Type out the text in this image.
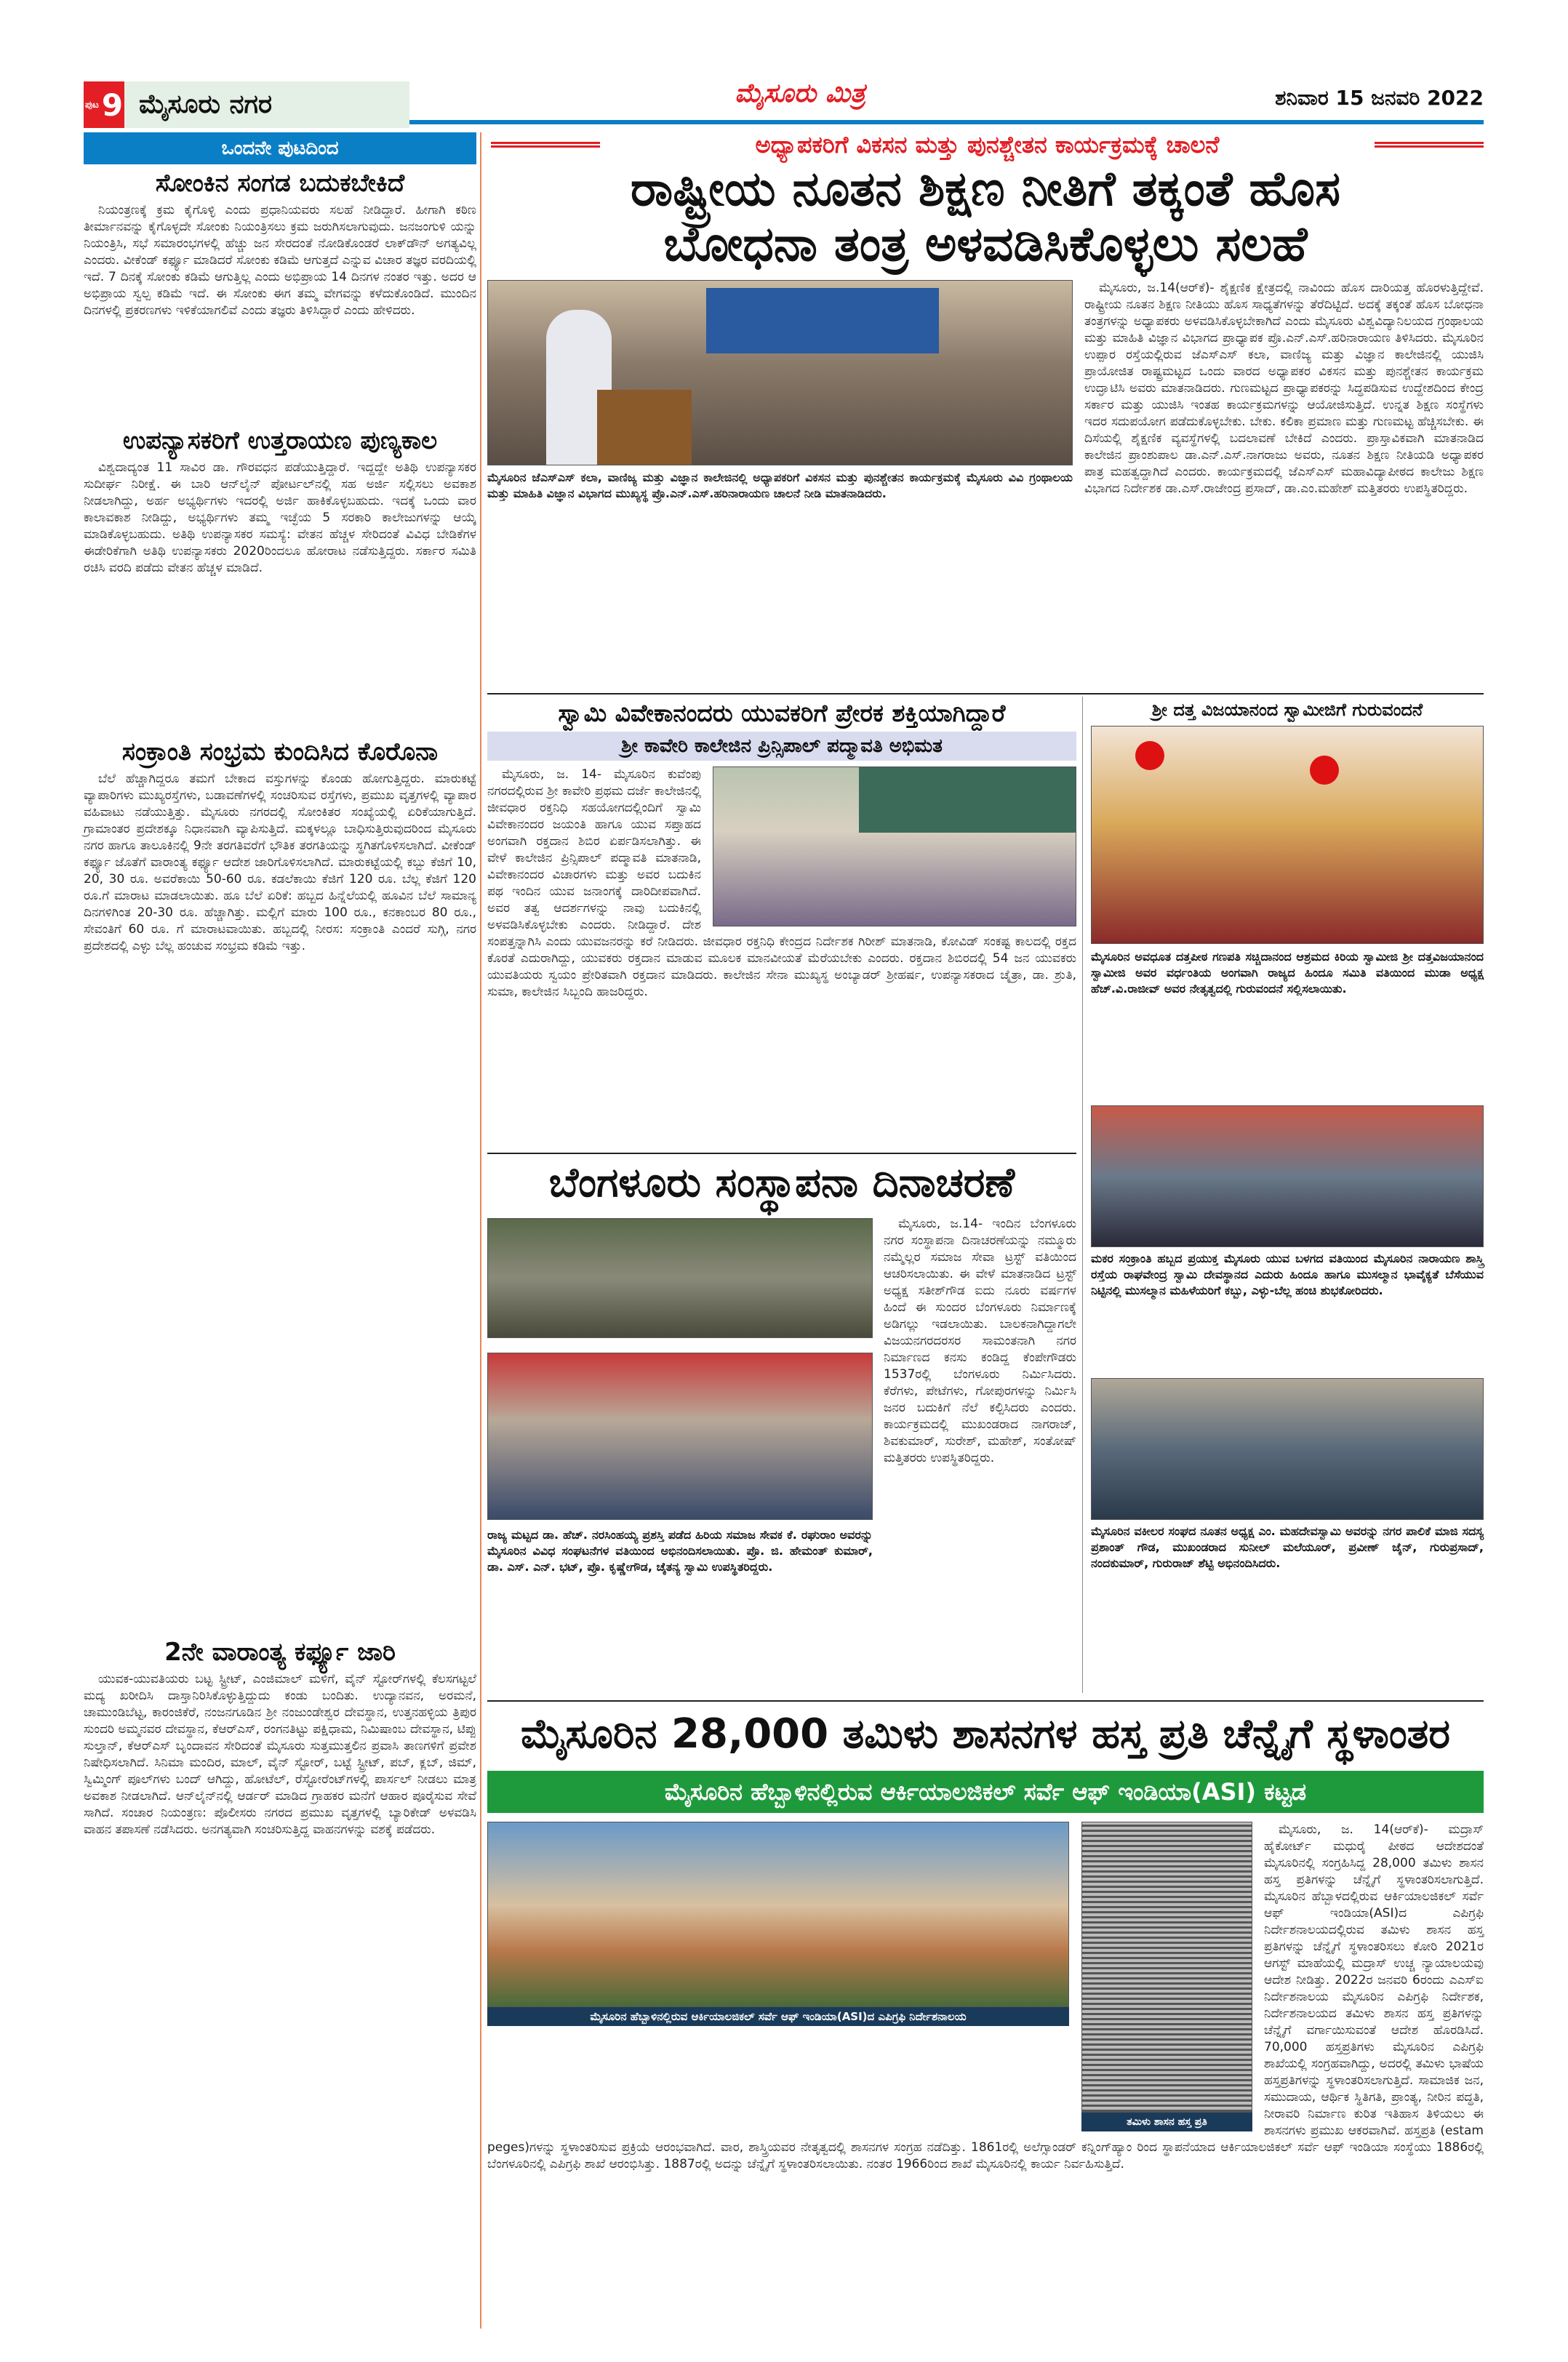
ಪುಟ 9 ಮೈಸೂರು ನಗರ	ಮೈಸೂರು ಮಿತ್ರ	ಶನಿವಾರ 15 ಜನವರಿ 2022
ಒಂದನೇ ಪುಟದಿಂದ
ಸೋಂಕಿನ ಸಂಗಡ ಬದುಕಬೇಕಿದೆ

ನಿಯಂತ್ರಣಕ್ಕೆ ಕ್ರಮ ಕೈಗೊಳ್ಳಿ ಎಂದು ಪ್ರಧಾನಿಯವರು ಸಲಹೆ ನೀಡಿದ್ದಾರೆ. ಹೀಗಾಗಿ ಕಠಿಣ ತೀರ್ಮಾನವನ್ನು ಕೈಗೊಳ್ಳದೇ ಸೋಂಕು ನಿಯಂತ್ರಿಸಲು ಕ್ರಮ ಜರುಗಿಸಲಾಗುವುದು. ಜನಜಂಗುಳಿ ಯನ್ನು ನಿಯಂತ್ರಿಸಿ, ಸಭೆ ಸಮಾರಂಭಗಳಲ್ಲಿ ಹೆಚ್ಚು ಜನ ಸೇರದಂತೆ ನೋಡಿಕೊಂಡರೆ ಲಾಕ್‌ಡೌನ್ ಅಗತ್ಯವಿಲ್ಲ ಎಂದರು. ವೀಕೆಂಡ್ ಕರ್ಫ್ಯೂ ಮಾಡಿದರೆ ಸೋಂಕು ಕಡಿಮೆ ಆಗುತ್ತದೆ ಎನ್ನುವ ವಿಚಾರ ತಜ್ಞರ ವರದಿಯಲ್ಲಿ ಇದೆ. 7 ದಿನಕ್ಕೆ ಸೋಂಕು ಕಡಿಮೆ ಆಗುತ್ತಿಲ್ಲ ಎಂದು ಅಭಿಪ್ರಾಯ 14 ದಿನಗಳ ನಂತರ ಇತ್ತು. ಅದರ ಆ ಅಭಿಪ್ರಾಯ ಸ್ವಲ್ಪ ಕಡಿಮೆ ಇದೆ. ಈ ಸೋಂಕು ಈಗ ತಮ್ಮ ವೇಗವನ್ನು ಕಳೆದುಕೊಂಡಿದೆ. ಮುಂದಿನ ದಿನಗಳಲ್ಲಿ ಪ್ರಕರಣಗಳು ಇಳಿಕೆಯಾಗಲಿವೆ ಎಂದು ತಜ್ಞರು ತಿಳಿಸಿದ್ದಾರೆ ಎಂದು ಹೇಳಿದರು.

ಉಪನ್ಯಾಸಕರಿಗೆ ಉತ್ತರಾಯಣ ಪುಣ್ಯಕಾಲ

ವಿಶ್ವದಾದ್ಯಂತ 11 ಸಾವಿರ ಡಾ. ಗೌರವಧನ ಪಡೆಯುತ್ತಿದ್ದಾರೆ. ಇದ್ದದ್ದೇ ಅತಿಥಿ ಉಪನ್ಯಾಸಕರ ಸುದೀರ್ಘ ನಿರೀಕ್ಷೆ. ಈ ಬಾರಿ ಆನ್‌ಲೈನ್ ಪೋರ್ಟಲ್‌ನಲ್ಲಿ ಸಹ ಅರ್ಜಿ ಸಲ್ಲಿಸಲು ಅವಕಾಶ ನೀಡಲಾಗಿದ್ದು, ಅರ್ಹ ಅಭ್ಯರ್ಥಿಗಳು ಇದರಲ್ಲಿ ಅರ್ಜಿ ಹಾಕಿಕೊಳ್ಳಬಹುದು. ಇದಕ್ಕೆ ಒಂದು ವಾರ ಕಾಲಾವಕಾಶ ನೀಡಿದ್ದು, ಅಭ್ಯರ್ಥಿಗಳು ತಮ್ಮ ಇಚ್ಛೆಯ 5 ಸರಕಾರಿ ಕಾಲೇಜುಗಳನ್ನು ಆಯ್ಕೆ ಮಾಡಿಕೊಳ್ಳಬಹುದು. ಅತಿಥಿ ಉಪನ್ಯಾಸಕರ ಸಮಸ್ಯೆ: ವೇತನ ಹೆಚ್ಚಳ ಸೇರಿದಂತೆ ವಿವಿಧ ಬೇಡಿಕೆಗಳ ಈಡೇರಿಕೆಗಾಗಿ ಅತಿಥಿ ಉಪನ್ಯಾಸಕರು 2020ರಿಂದಲೂ ಹೋರಾಟ ನಡೆಸುತ್ತಿದ್ದರು. ಸರ್ಕಾರ ಸಮಿತಿ ರಚಿಸಿ ವರದಿ ಪಡೆದು ವೇತನ ಹೆಚ್ಚಳ ಮಾಡಿದೆ.

ಸಂಕ್ರಾಂತಿ ಸಂಭ್ರಮ ಕುಂದಿಸಿದ ಕೊರೊನಾ

ಬೆಲೆ ಹೆಚ್ಚಾಗಿದ್ದರೂ ತಮಗೆ ಬೇಕಾದ ವಸ್ತುಗಳನ್ನು ಕೊಂಡು ಹೋಗುತ್ತಿದ್ದರು. ಮಾರುಕಟ್ಟೆ ವ್ಯಾಪಾರಿಗಳು ಮುಖ್ಯರಸ್ತೆಗಳು, ಬಡಾವಣೆಗಳಲ್ಲಿ ಸಂಚರಿಸುವ ರಸ್ತೆಗಳು, ಪ್ರಮುಖ ವೃತ್ತಗಳಲ್ಲಿ ವ್ಯಾಪಾರ ವಹಿವಾಟು ನಡೆಯುತ್ತಿತ್ತು. ಮೈಸೂರು ನಗರದಲ್ಲಿ ಸೋಂಕಿತರ ಸಂಖ್ಯೆಯಲ್ಲಿ ಏರಿಕೆಯಾಗುತ್ತಿದೆ. ಗ್ರಾಮಾಂತರ ಪ್ರದೇಶಕ್ಕೂ ನಿಧಾನವಾಗಿ ವ್ಯಾಪಿಸುತ್ತಿದೆ. ಮಕ್ಕಳಲ್ಲೂ ಬಾಧಿಸುತ್ತಿರುವುದರಿಂದ ಮೈಸೂರು ನಗರ ಹಾಗೂ ತಾಲೂಕಿನಲ್ಲಿ 9ನೇ ತರಗತಿವರೆಗೆ ಭೌತಿಕ ತರಗತಿಯನ್ನು ಸ್ಥಗಿತಗೊಳಿಸಲಾಗಿದೆ. ವೀಕೆಂಡ್ ಕರ್ಫ್ಯೂ ಜೊತೆಗೆ ವಾರಾಂತ್ಯ ಕರ್ಫ್ಯೂ ಆದೇಶ ಜಾರಿಗೊಳಿಸಲಾಗಿದೆ. ಮಾರುಕಟ್ಟೆಯಲ್ಲಿ ಕಬ್ಬು ಕೆಜಿಗೆ 10, 20, 30 ರೂ. ಅವರೆಕಾಯಿ 50-60 ರೂ. ಕಡಲೆಕಾಯಿ ಕೆಜಿಗೆ 120 ರೂ. ಬೆಲ್ಲ ಕೆಜಿಗೆ 120 ರೂ.ಗೆ ಮಾರಾಟ ಮಾಡಲಾಯಿತು. ಹೂ ಬೆಲೆ ಏರಿಕೆ: ಹಬ್ಬದ ಹಿನ್ನೆಲೆಯಲ್ಲಿ ಹೂವಿನ ಬೆಲೆ ಸಾಮಾನ್ಯ ದಿನಗಳಿಗಿಂತ 20-30 ರೂ. ಹೆಚ್ಚಾಗಿತ್ತು. ಮಲ್ಲಿಗೆ ಮಾರು 100 ರೂ., ಕನಕಾಂಬರ 80 ರೂ., ಸೇವಂತಿಗೆ 60 ರೂ. ಗೆ ಮಾರಾಟವಾಯಿತು. ಹಬ್ಬದಲ್ಲಿ ನೀರಸ: ಸಂಕ್ರಾಂತಿ ಎಂದರೆ ಸುಗ್ಗಿ, ನಗರ ಪ್ರದೇಶದಲ್ಲಿ ಎಳ್ಳು ಬೆಲ್ಲ ಹಂಚುವ ಸಂಭ್ರಮ ಕಡಿಮೆ ಇತ್ತು.

2ನೇ ವಾರಾಂತ್ಯ ಕರ್ಫ್ಯೂ ಜಾರಿ

ಯುವಕ-ಯುವತಿಯರು ಬಟ್ಟ ಸ್ಟ್ರೀಟ್, ಎಂಜಿ‌ಮಾಲ್ ಮಳಿಗೆ, ವೈನ್ ಸ್ಟೋರ್‌ಗಳಲ್ಲಿ ಕೆಲಸಗಟ್ಟಲೆ ಮದ್ಯ ಖರೀದಿಸಿ ದಾಸ್ತಾನಿರಿಸಿಕೊಳ್ಳುತ್ತಿದ್ದುದು ಕಂಡು ಬಂದಿತು. ಉದ್ಯಾನವನ, ಅರಮನೆ, ಚಾಮುಂಡಿಬೆಟ್ಟ, ಕಾರಂಜಿಕೆರೆ, ನಂಜನಗೂಡಿನ ಶ್ರೀ ನಂಜುಂಡೇಶ್ವರ ದೇವಸ್ಥಾನ, ಉತ್ತನಹಳ್ಳಿಯ ತ್ರಿಪುರ ಸುಂದರಿ ಅಮ್ಮನವರ ದೇವಸ್ಥಾನ, ಕೆಆರ್‌ಎಸ್, ರಂಗನತಿಟ್ಟು ಪಕ್ಷಿಧಾಮ, ನಿಮಿಷಾಂಬ ದೇವಸ್ಥಾನ, ಟಿಪ್ಪು ಸುಲ್ತಾನ್, ಕೆಆರ್‌ಎಸ್ ಬೃಂದಾವನ ಸೇರಿದಂತೆ ಮೈಸೂರು ಸುತ್ತಮುತ್ತಲಿನ ಪ್ರವಾಸಿ ತಾಣಗಳಿಗೆ ಪ್ರವೇಶ ನಿಷೇಧಿಸಲಾಗಿದೆ. ಸಿನಿಮಾ ಮಂದಿರ, ಮಾಲ್, ವೈನ್ ಸ್ಟೋರ್, ಬಟ್ಟೆ ಸ್ಟ್ರೀಟ್, ಪಬ್, ಕ್ಲಬ್, ಜಿಮ್, ಸ್ವಿಮ್ಮಿಂಗ್ ಪೂಲ್‌ಗಳು ಬಂದ್ ಆಗಿದ್ದು, ಹೋಟೆಲ್, ರೆಸ್ಟೋರೆಂಟ್‌ಗಳಲ್ಲಿ ಪಾರ್ಸಲ್ ನೀಡಲು ಮಾತ್ರ ಅವಕಾಶ ನೀಡಲಾಗಿದೆ. ಆನ್‌ಲೈನ್‌ನಲ್ಲಿ ಆರ್ಡರ್ ಮಾಡಿದ ಗ್ರಾಹಕರ ಮನೆಗೆ ಆಹಾರ ಪೂರೈಸುವ ಸೇವೆ ಸಾಗಿದೆ. ಸಂಚಾರ ನಿಯಂತ್ರಣ: ಪೊಲೀಸರು ನಗರದ ಪ್ರಮುಖ ವೃತ್ತಗಳಲ್ಲಿ ಬ್ಯಾರಿಕೇಡ್ ಅಳವಡಿಸಿ ವಾಹನ ತಪಾಸಣೆ ನಡೆಸಿದರು. ಅನಗತ್ಯವಾಗಿ ಸಂಚರಿಸುತ್ತಿದ್ದ ವಾಹನಗಳನ್ನು ವಶಕ್ಕೆ ಪಡೆದರು.

ಅಧ್ಯಾಪಕರಿಗೆ ವಿಕಸನ ಮತ್ತು ಪುನಶ್ಚೇತನ ಕಾರ್ಯಕ್ರಮಕ್ಕೆ ಚಾಲನೆ
ರಾಷ್ಟ್ರೀಯ ನೂತನ ಶಿಕ್ಷಣ ನೀತಿಗೆ ತಕ್ಕಂತೆ ಹೊಸ
ಬೋಧನಾ ತಂತ್ರ ಅಳವಡಿಸಿಕೊಳ್ಳಲು ಸಲಹೆ
ಮೈಸೂರಿನ ಜೆಎಸ್‌ಎಸ್ ಕಲಾ, ವಾಣಿಜ್ಯ ಮತ್ತು ವಿಜ್ಞಾನ ಕಾಲೇಜಿನಲ್ಲಿ ಅಧ್ಯಾಪಕರಿಗೆ ವಿಕಸನ ಮತ್ತು ಪುನಶ್ಚೇತನ ಕಾರ್ಯಕ್ರಮಕ್ಕೆ ಮೈಸೂರು ವಿವಿ ಗ್ರಂಥಾಲಯ ಮತ್ತು ಮಾಹಿತಿ ವಿಜ್ಞಾನ ವಿಭಾಗದ ಮುಖ್ಯಸ್ಥ ಪ್ರೊ.ಎನ್.ಎಸ್.ಹರಿನಾರಾಯಣ ಚಾಲನೆ ನೀಡಿ ಮಾತನಾಡಿದರು.

ಮೈಸೂರು, ಜ.14(ಆರ್‌ಕೆ)- ಶೈಕ್ಷಣಿಕ ಕ್ಷೇತ್ರದಲ್ಲಿ ನಾವಿಂದು ಹೊಸ ದಾರಿಯತ್ತ ಹೊರಳುತ್ತಿದ್ದೇವೆ. ರಾಷ್ಟ್ರೀಯ ನೂತನ ಶಿಕ್ಷಣ ನೀತಿಯು ಹೊಸ ಸಾಧ್ಯತೆಗಳನ್ನು ತೆರೆದಿಟ್ಟಿದೆ. ಅದಕ್ಕೆ ತಕ್ಕಂತೆ ಹೊಸ ಬೋಧನಾ ತಂತ್ರಗಳನ್ನು ಅಧ್ಯಾಪಕರು ಅಳವಡಿಸಿಕೊಳ್ಳಬೇಕಾಗಿದೆ ಎಂದು ಮೈಸೂರು ವಿಶ್ವವಿದ್ಯಾನಿಲಯದ ಗ್ರಂಥಾಲಯ ಮತ್ತು ಮಾಹಿತಿ ವಿಜ್ಞಾನ ವಿಭಾಗದ ಪ್ರಾಧ್ಯಾಪಕ ಪ್ರೊ.ಎನ್.ಎಸ್.ಹರಿನಾರಾಯಣ ತಿಳಿಸಿದರು. ಮೈಸೂರಿನ ಉಪ್ಪಾರ ರಸ್ತೆಯಲ್ಲಿರುವ ಜೆಎಸ್‌ಎಸ್ ಕಲಾ, ವಾಣಿಜ್ಯ ಮತ್ತು ವಿಜ್ಞಾನ ಕಾಲೇಜಿನಲ್ಲಿ ಯುಜಿಸಿ ಪ್ರಾಯೋಜಿತ ರಾಷ್ಟ್ರಮಟ್ಟದ ಒಂದು ವಾರದ ಅಧ್ಯಾಪಕರ ವಿಕಸನ ಮತ್ತು ಪುನಶ್ಚೇತನ ಕಾರ್ಯಕ್ರಮ ಉದ್ಘಾಟಿಸಿ ಅವರು ಮಾತನಾಡಿದರು. ಗುಣಮಟ್ಟದ ಪ್ರಾಧ್ಯಾಪಕರನ್ನು ಸಿದ್ಧಪಡಿಸುವ ಉದ್ದೇಶದಿಂದ ಕೇಂದ್ರ ಸರ್ಕಾರ ಮತ್ತು ಯುಜಿಸಿ ಇಂತಹ ಕಾರ್ಯಕ್ರಮಗಳನ್ನು ಆಯೋಜಿಸುತ್ತಿದೆ. ಉನ್ನತ ಶಿಕ್ಷಣ ಸಂಸ್ಥೆಗಳು ಇದರ ಸದುಪಯೋಗ ಪಡೆದುಕೊಳ್ಳಬೇಕು. ಬೇಕು. ಕಲಿಕಾ ಪ್ರಮಾಣ ಮತ್ತು ಗುಣಮಟ್ಟ ಹೆಚ್ಚಿಸಬೇಕು. ಈ ದಿಸೆಯಲ್ಲಿ ಶೈಕ್ಷಣಿಕ ವ್ಯವಸ್ಥೆಗಳಲ್ಲಿ ಬದಲಾವಣೆ ಬೇಕಿದೆ ಎಂದರು. ಪ್ರಾಸ್ತಾವಿಕವಾಗಿ ಮಾತನಾಡಿದ ಕಾಲೇಜಿನ ಪ್ರಾಂಶುಪಾಲ ಡಾ.ಎನ್.ಎಸ್.ನಾಗರಾಜು ಅವರು, ನೂತನ ಶಿಕ್ಷಣ ನೀತಿಯಡಿ ಅಧ್ಯಾಪಕರ ಪಾತ್ರ ಮಹತ್ವದ್ದಾಗಿದೆ ಎಂದರು. ಕಾರ್ಯಕ್ರಮದಲ್ಲಿ ಜೆಎಸ್‌ಎಸ್ ಮಹಾವಿದ್ಯಾಪೀಠದ ಕಾಲೇಜು ಶಿಕ್ಷಣ ವಿಭಾಗದ ನಿರ್ದೇಶಕ ಡಾ.ಎಸ್.ರಾಜೇಂದ್ರ ಪ್ರಸಾದ್, ಡಾ.ಎಂ.ಮಹೇಶ್ ಮತ್ತಿತರರು ಉಪಸ್ಥಿತರಿದ್ದರು.

ಸ್ವಾಮಿ ವಿವೇಕಾನಂದರು ಯುವಕರಿಗೆ ಪ್ರೇರಕ ಶಕ್ತಿಯಾಗಿದ್ದಾರೆ
ಶ್ರೀ ಕಾವೇರಿ ಕಾಲೇಜಿನ ಪ್ರಿನ್ಸಿಪಾಲ್ ಪದ್ಮಾವತಿ ಅಭಿಮತ

ಮೈಸೂರು, ಜ. 14- ಮೈಸೂರಿನ ಕುವೆಂಪು ನಗರದಲ್ಲಿರುವ ಶ್ರೀ ಕಾವೇರಿ ಪ್ರಥಮ ದರ್ಜೆ ಕಾಲೇಜಿನಲ್ಲಿ ಜೀವಧಾರ ರಕ್ತನಿಧಿ ಸಹಯೋಗದಲ್ಲಿಂದಿಗೆ ಸ್ವಾಮಿ ವಿವೇಕಾನಂದರ ಜಯಂತಿ ಹಾಗೂ ಯುವ ಸಪ್ತಾಹದ ಅಂಗವಾಗಿ ರಕ್ತದಾನ ಶಿಬಿರ ಏರ್ಪಡಿಸಲಾಗಿತ್ತು. ಈ ವೇಳೆ ಕಾಲೇಜಿನ ಪ್ರಿನ್ಸಿಪಾಲ್ ಪದ್ಮಾವತಿ ಮಾತನಾಡಿ, ವಿವೇಕಾನಂದರ ವಿಚಾರಗಳು ಮತ್ತು ಅವರ ಬದುಕಿನ ಪಥ ಇಂದಿನ ಯುವ ಜನಾಂಗಕ್ಕೆ ದಾರಿದೀಪವಾಗಿದೆ. ಅವರ ತತ್ವ ಆದರ್ಶಗಳನ್ನು ನಾವು ಬದುಕಿನಲ್ಲಿ ಅಳವಡಿಸಿಕೊಳ್ಳಬೇಕು ಎಂದರು. ನೀಡಿದ್ದಾರೆ. ದೇಶ ಸಂಪತ್ತನ್ನಾಗಿಸಿ ಎಂದು ಯುವಜನರನ್ನು ಕರೆ ನೀಡಿದರು. ಜೀವಧಾರ ರಕ್ತನಿಧಿ ಕೇಂದ್ರದ ನಿರ್ದೇಶಕ ಗಿರೀಶ್ ಮಾತನಾಡಿ, ಕೋವಿಡ್ ಸಂಕಷ್ಟ ಕಾಲದಲ್ಲಿ ರಕ್ತದ ಕೊರತೆ ಎದುರಾಗಿದ್ದು, ಯುವಕರು ರಕ್ತದಾನ ಮಾಡುವ ಮೂಲಕ ಮಾನವೀಯತೆ ಮೆರೆಯಬೇಕು ಎಂದರು. ರಕ್ತದಾನ ಶಿಬಿರದಲ್ಲಿ 54 ಜನ ಯುವಕರು ಯುವತಿಯರು ಸ್ವಯಂ ಪ್ರೇರಿತವಾಗಿ ರಕ್ತದಾನ ಮಾಡಿದರು. ಕಾಲೇಜಿನ ಸೇನಾ ಮುಖ್ಯಸ್ಥ ಅಂಬ್ಯಾಡರ್ ಶ್ರೀಹರ್ಷ, ಉಪನ್ಯಾಸಕರಾದ ಚೈತ್ರಾ, ಡಾ. ಶ್ರುತಿ, ಸುಮಾ, ಕಾಲೇಜಿನ ಸಿಬ್ಬಂದಿ ಹಾಜರಿದ್ದರು.

ಶ್ರೀ ದತ್ತ ವಿಜಯಾನಂದ ಸ್ವಾಮೀಜಿಗೆ ಗುರುವಂದನೆ
ಮೈಸೂರಿನ ಅವಧೂತ ದತ್ತಪೀಠ ಗಣಪತಿ ಸಚ್ಚಿದಾನಂದ ಆಶ್ರಮದ ಕಿರಿಯ ಸ್ವಾಮೀಜಿ ಶ್ರೀ ದತ್ತವಿಜಯಾನಂದ ಸ್ವಾಮೀಜಿ ಅವರ ವರ್ಧಂತಿಯ ಅಂಗವಾಗಿ ರಾಜ್ಯದ ಹಿಂದೂ ಸಮಿತಿ ವತಿಯಿಂದ ಮುಡಾ ಅಧ್ಯಕ್ಷ ಹೆಚ್.ವಿ.ರಾಜೀವ್ ಅವರ ನೇತೃತ್ವದಲ್ಲಿ ಗುರುವಂದನೆ ಸಲ್ಲಿಸಲಾಯಿತು.
ಮಕರ ಸಂಕ್ರಾಂತಿ ಹಬ್ಬದ ಪ್ರಯುಕ್ತ ಮೈಸೂರು ಯುವ ಬಳಗದ ವತಿಯಿಂದ ಮೈಸೂರಿನ ನಾರಾಯಣ ಶಾಸ್ತ್ರಿ ರಸ್ತೆಯ ರಾಘವೇಂದ್ರ ಸ್ವಾಮಿ ದೇವಸ್ಥಾನದ ಎದುರು ಹಿಂದೂ ಹಾಗೂ ಮುಸಲ್ಮಾನ ಭಾವೈಕ್ಯತೆ ಬೆಸೆಯುವ ನಿಟ್ಟಿನಲ್ಲಿ ಮುಸಲ್ಮಾನ ಮಹಿಳೆಯರಿಗೆ ಕಬ್ಬು, ಎಳ್ಳು-ಬೆಲ್ಲ ಹಂಚಿ ಶುಭಕೋರಿದರು.
ಮೈಸೂರಿನ ವಕೀಲರ ಸಂಘದ ನೂತನ ಅಧ್ಯಕ್ಷ ಎಂ. ಮಹದೇವಸ್ವಾಮಿ ಅವರನ್ನು ನಗರ ಪಾಲಿಕೆ ಮಾಜಿ ಸದಸ್ಯ ಪ್ರಶಾಂತ್ ಗೌಡ, ಮುಖಂಡರಾದ ಸುನೀಲ್ ಮಲೆಯೂರ್, ಪ್ರವೀಣ್ ಜೈನ್, ಗುರುಪ್ರಸಾದ್, ನಂದಕುಮಾರ್, ಗುರುರಾಜ್ ಶೆಟ್ಟಿ ಅಭಿನಂದಿಸಿದರು.
ಬೆಂಗಳೂರು ಸಂಸ್ಥಾಪನಾ ದಿನಾಚರಣೆ

ಮೈಸೂರು, ಜ.14- ಇಂದಿನ ಬೆಂಗಳೂರು ನಗರ ಸಂಸ್ಥಾಪನಾ ದಿನಾಚರಣೆಯನ್ನು ನಮ್ಮೂರು ನಮ್ಮೆಲ್ಲರ ಸಮಾಜ ಸೇವಾ ಟ್ರಸ್ಟ್ ವತಿಯಿಂದ ಆಚರಿಸಲಾಯಿತು. ಈ ವೇಳೆ ಮಾತನಾಡಿದ ಟ್ರಸ್ಟ್ ಅಧ್ಯಕ್ಷ ಸತೀಶ್‌ಗೌಡ ಐದು ನೂರು ವರ್ಷಗಳ ಹಿಂದೆ ಈ ಸುಂದರ ಬೆಂಗಳೂರು ನಿರ್ಮಾಣಕ್ಕೆ ಅಡಿಗಲ್ಲು ಇಡಲಾಯಿತು. ಬಾಲಕನಾಗಿದ್ದಾಗಲೇ ವಿಜಯನಗರದರಸರ ಸಾಮಂತನಾಗಿ ನಗರ ನಿರ್ಮಾಣದ ಕನಸು ಕಂಡಿದ್ದ ಕೆಂಪೇಗೌಡರು 1537ರಲ್ಲಿ ಬೆಂಗಳೂರು ನಿರ್ಮಿಸಿದರು. ಕೆರೆಗಳು, ಪೇಟೆಗಳು, ಗೋಪುರಗಳನ್ನು ನಿರ್ಮಿಸಿ ಜನರ ಬದುಕಿಗೆ ನೆಲೆ ಕಲ್ಪಿಸಿದರು ಎಂದರು. ಕಾರ್ಯಕ್ರಮದಲ್ಲಿ ಮುಖಂಡರಾದ ನಾಗರಾಜ್, ಶಿವಕುಮಾರ್, ಸುರೇಶ್, ಮಹೇಶ್, ಸಂತೋಷ್ ಮತ್ತಿತರರು ಉಪಸ್ಥಿತರಿದ್ದರು.

ರಾಜ್ಯ ಮಟ್ಟದ ಡಾ. ಹೆಚ್. ನರಸಿಂಹಯ್ಯ ಪ್ರಶಸ್ತಿ ಪಡೆದ ಹಿರಿಯ ಸಮಾಜ ಸೇವಕ ಕೆ. ರಘುರಾಂ ಅವರನ್ನು ಮೈಸೂರಿನ ವಿವಿಧ ಸಂಘಟನೆಗಳ ವತಿಯಿಂದ ಅಭಿನಂದಿಸಲಾಯಿತು. ಪ್ರೊ. ಜಿ. ಹೇಮಂತ್ ಕುಮಾರ್, ಡಾ. ಎಸ್. ಎನ್. ಭಟ್, ಪ್ರೊ. ಕೃಷ್ಣೇಗೌಡ, ಚೈತನ್ಯ ಸ್ವಾಮಿ ಉಪಸ್ಥಿತರಿದ್ದರು.
ಮೈಸೂರಿನ 28,000 ತಮಿಳು ಶಾಸನಗಳ ಹಸ್ತ ಪ್ರತಿ ಚೆನ್ನೈಗೆ ಸ್ಥಳಾಂತರ
ಮೈಸೂರಿನ ಹೆಬ್ಬಾಳಿನಲ್ಲಿರುವ ಆರ್ಕಿಯಾಲಜಿಕಲ್ ಸರ್ವೆ ಆಫ್ ಇಂಡಿಯಾ(ASI) ಕಟ್ಟಡ
ಮೈಸೂರಿನ ಹೆಬ್ಬಾಳಿನಲ್ಲಿರುವ ಆರ್ಕಿಯಾಲಜಿಕಲ್ ಸರ್ವೆ ಆಫ್ ಇಂಡಿಯಾ(ASI)ದ ಎಪಿಗ್ರಫಿ ನಿರ್ದೇಶನಾಲಯ
ತಮಿಳು ಶಾಸನ ಹಸ್ತ ಪ್ರತಿ

ಮೈಸೂರು, ಜ. 14(ಆರ್‌ಕೆ)- ಮದ್ರಾಸ್ ಹೈಕೋರ್ಟ್ ಮಧುರೈ ಪೀಠದ ಆದೇಶದಂತೆ ಮೈಸೂರಿನಲ್ಲಿ ಸಂಗ್ರಹಿಸಿದ್ದ 28,000 ತಮಿಳು ಶಾಸನ ಹಸ್ತ ಪ್ರತಿಗಳನ್ನು ಚೆನ್ನೈಗೆ ಸ್ಥಳಾಂತರಿಸಲಾಗುತ್ತಿದೆ. ಮೈಸೂರಿನ ಹೆಬ್ಬಾಳದಲ್ಲಿರುವ ಆರ್ಕಿಯಾಲಜಿಕಲ್ ಸರ್ವೆ ಆಫ್ ಇಂಡಿಯಾ(ASI)ದ ಎಪಿಗ್ರಫಿ ನಿರ್ದೇಶನಾಲಯದಲ್ಲಿರುವ ತಮಿಳು ಶಾಸನ ಹಸ್ತ ಪ್ರತಿಗಳನ್ನು ಚೆನ್ನೈಗೆ ಸ್ಥಳಾಂತರಿಸಲು ಕೋರಿ 2021ರ ಆಗಸ್ಟ್ ಮಾಹೆಯಲ್ಲಿ ಮದ್ರಾಸ್ ಉಚ್ಚ ನ್ಯಾಯಾಲಯವು ಆದೇಶ ನೀಡಿತ್ತು. 2022ರ ಜನವರಿ 6ರಂದು ಎಎಸ್‌ಐ ನಿರ್ದೇಶನಾಲಯ ಮೈಸೂರಿನ ಎಪಿಗ್ರಫಿ ನಿರ್ದೇಶಕ, ನಿರ್ದೇಶನಾಲಯದ ತಮಿಳು ಶಾಸನ ಹಸ್ತ ಪ್ರತಿಗಳನ್ನು ಚೆನ್ನೈಗೆ ವರ್ಗಾಯಿಸುವಂತೆ ಆದೇಶ ಹೊರಡಿಸಿದೆ. 70,000 ಹಸ್ತಪ್ರತಿಗಳು ಮೈಸೂರಿನ ಎಪಿಗ್ರಫಿ ಶಾಖೆಯಲ್ಲಿ ಸಂಗ್ರಹವಾಗಿದ್ದು, ಅದರಲ್ಲಿ ತಮಿಳು ಭಾಷೆಯ ಹಸ್ತಪ್ರತಿಗಳನ್ನು ಸ್ಥಳಾಂತರಿಸಲಾಗುತ್ತಿದೆ. ಸಾಮಾಜಿಕ ಜನ, ಸಮುದಾಯ, ಆರ್ಥಿಕ ಸ್ಥಿತಿಗತಿ, ಪ್ರಾಂತ್ಯ, ನೀರಿನ ಪದ್ಧತಿ, ನೀರಾವರಿ ನಿರ್ಮಾಣ ಕುರಿತ ಇತಿಹಾಸ ತಿಳಿಯಲು ಈ ಶಾಸನಗಳು ಪ್ರಮುಖ ಆಕರವಾಗಿವೆ. ಹಸ್ತಪ್ರತಿ (estam peges)ಗಳನ್ನು ಸ್ಥಳಾಂತರಿಸುವ ಪ್ರಕ್ರಿಯೆ ಆರಂಭವಾಗಿದೆ. ವಾರ, ಶಾಸ್ತ್ರಿಯವರ ನೇತೃತ್ವದಲ್ಲಿ ಶಾಸನಗಳ ಸಂಗ್ರಹ ನಡೆದಿತ್ತು. 1861ರಲ್ಲಿ ಅಲೆಗ್ಸಾಂಡರ್ ಕನ್ನಿಂಗ್‌ಹ್ಯಾಂ ರಿಂದ ಸ್ಥಾಪನೆಯಾದ ಆರ್ಕಿಯಾಲಜಿಕಲ್ ಸರ್ವೆ ಆಫ್ ಇಂಡಿಯಾ ಸಂಸ್ಥೆಯು 1886ರಲ್ಲಿ ಬೆಂಗಳೂರಿನಲ್ಲಿ ಎಪಿಗ್ರಫಿ ಶಾಖೆ ಆರಂಭಿಸಿತ್ತು. 1887ರಲ್ಲಿ ಅದನ್ನು ಚೆನ್ನೈಗೆ ಸ್ಥಳಾಂತರಿಸಲಾಯಿತು. ನಂತರ 1966ರಿಂದ ಶಾಖೆ ಮೈಸೂರಿನಲ್ಲಿ ಕಾರ್ಯ ನಿರ್ವಹಿಸುತ್ತಿದೆ.
